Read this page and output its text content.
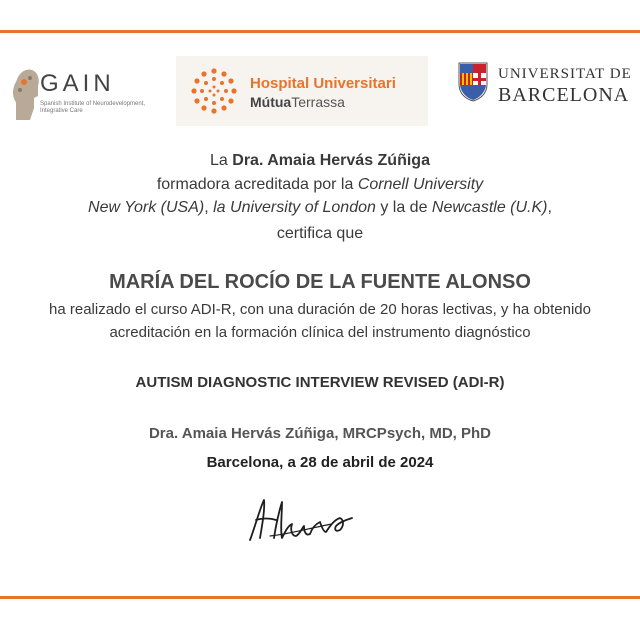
GAIN
Spanish Institute of Neurodevelopment, Integrative Care
Hospital Universitari
MútuaTerrassa
UNIVERSITAT DE
BARCELONA
La Dra. Amaia Hervás Zúñiga
formadora acreditada por la Cornell University
New York (USA), la University of London y la de Newcastle (U.K),
certifica que
MARÍA DEL ROCÍO DE LA FUENTE ALONSO
ha realizado el curso ADI-R, con una duración de 20 horas lectivas, y ha obtenido
acreditación en la formación clínica del instrumento diagnóstico
AUTISM DIAGNOSTIC INTERVIEW REVISED (ADI-R)
Dra. Amaia Hervás Zúñiga, MRCPsych, MD, PhD
Barcelona, a 28 de abril de 2024
